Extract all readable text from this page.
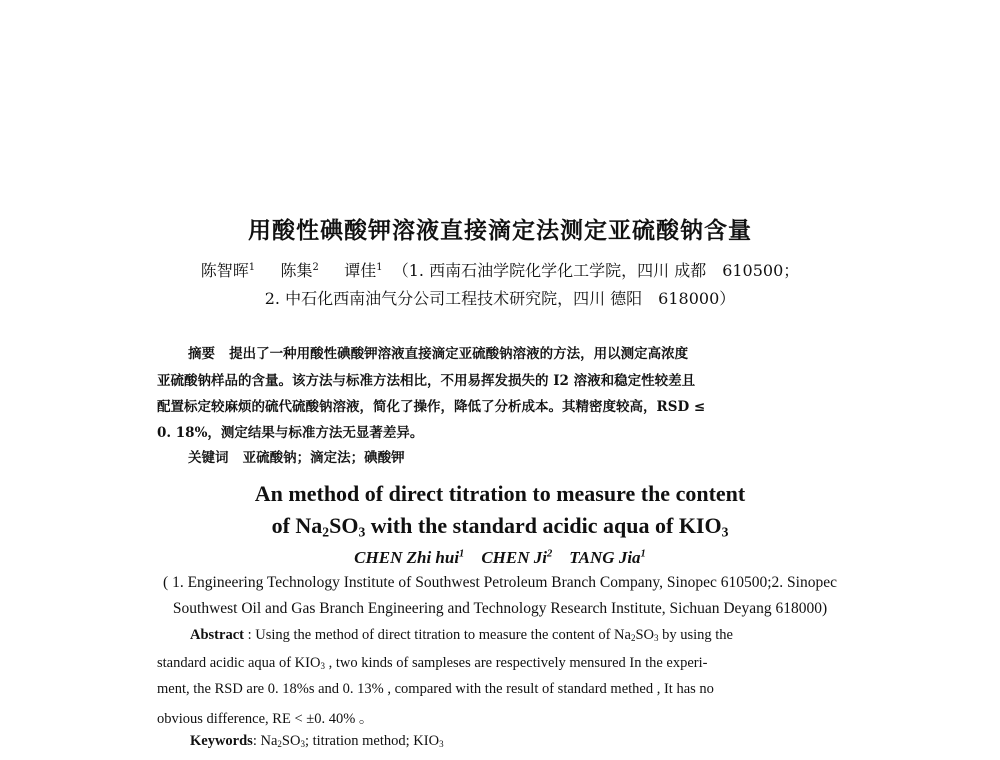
用酸性碘酸钾溶液直接滴定法测定亚硫酸钠含量
陈智晖$^1$ 陈集$^2$ 谭佳$^1$ （1. 西南石油学院化学化工学院，四川 成都　610500；
2. 中石化西南油气分公司工程技术研究院，四川 德阳　618000）
摘要 提出了一种用酸性碘酸钾溶液直接滴定亚硫酸钠溶液的方法，用以测定高浓度
亚硫酸钠样品的含量。该方法与标准方法相比，不用易挥发损失的 I2 溶液和稳定性较差且
配置标定较麻烦的硫代硫酸钠溶液，简化了操作，降低了分析成本。其精密度较高，RSD ≤
0. 18%，测定结果与标准方法无显著差异。
关键词 亚硫酸钠；滴定法；碘酸钾
An method of direct titration to measure the content
of $Na_2SO_3$ with the standard acidic aqua of $KIO_3$
CHEN Zhi hui$^1$ CHEN Ji$^2$ TANG Jia$^1$
( 1. Engineering Technology Institute of Southwest Petroleum Branch Company, Sinopec 610500;2. Sinopec
Southwest Oil and Gas Branch Engineering and Technology Research Institute, Sichuan Deyang 618000)
Abstract : Using the method of direct titration to measure the content of $Na_2SO_3$ by using the
standard acidic aqua of $KIO_3$ , two kinds of sampleses are respectively mensured In the experi-
ment, the RSD are 0. 18%s and 0. 13% , compared with the result of standard methed , It has no
obvious difference, RE < ±0. 40% 。
Keywords: $Na_2SO_3$; titration method; $KIO_3$
